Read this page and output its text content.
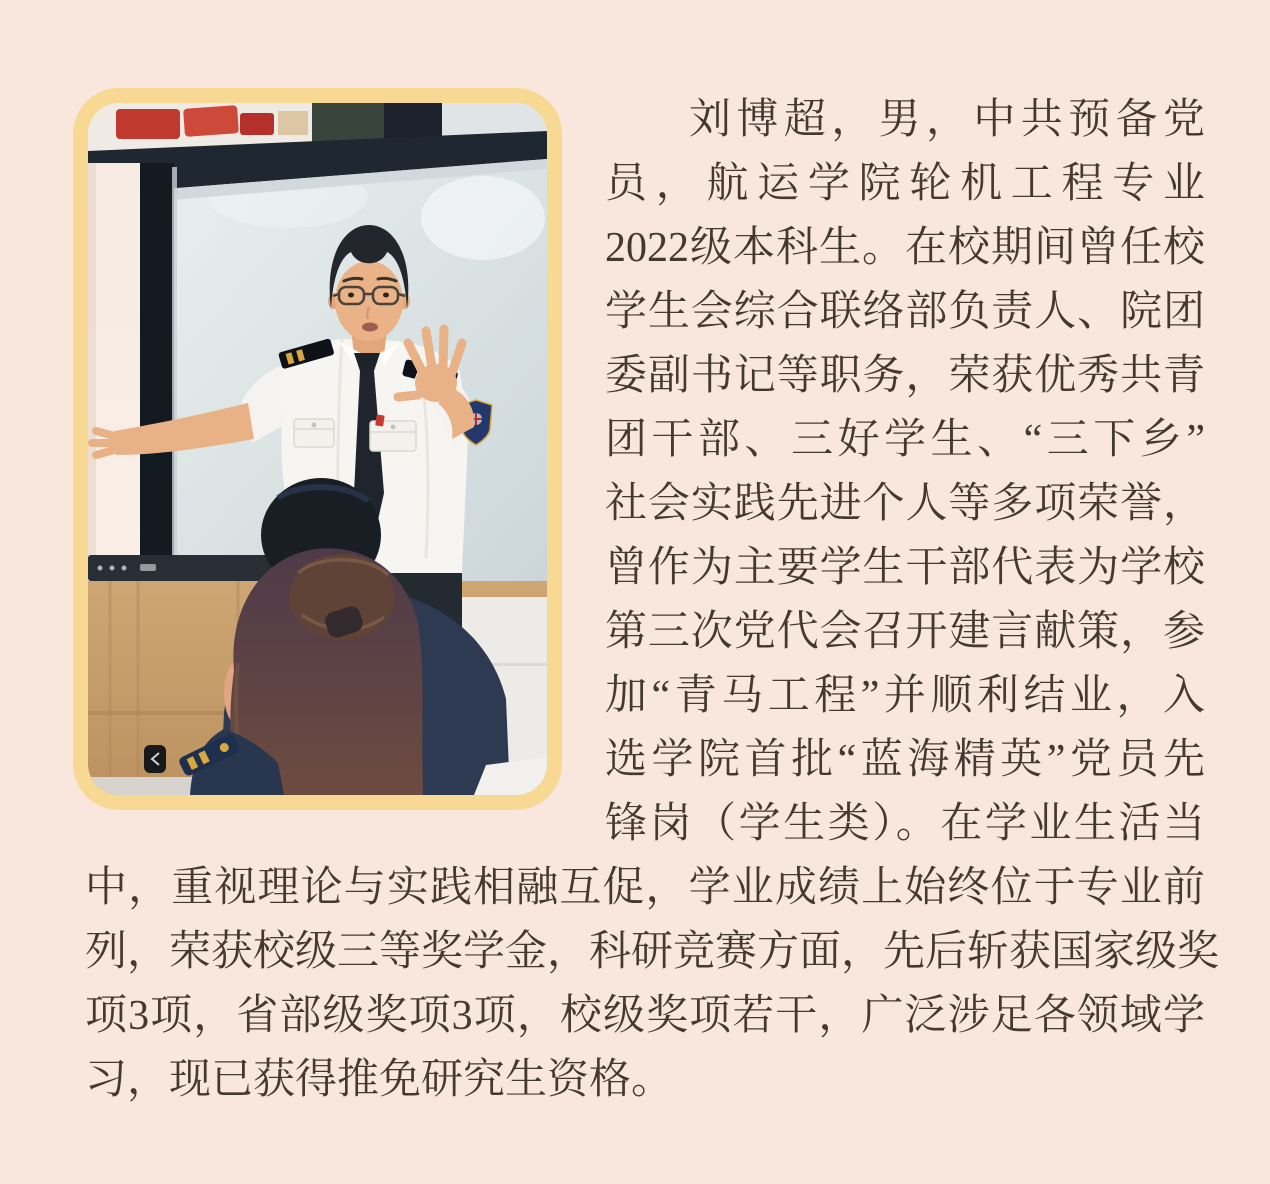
刘博超，男，中共预备党
员，航运学院轮机工程专业
2022级本科生。在校期间曾任校
学生会综合联络部负责人、院团
委副书记等职务，荣获优秀共青
团干部、三好学生、“三下乡”
社会实践先进个人等多项荣誉，
曾作为主要学生干部代表为学校
第三次党代会召开建言献策，参
加“青马工程”并顺利结业，入
选学院首批“蓝海精英”党员先
锋岗（学生类）。在学业生活当
中，重视理论与实践相融互促，学业成绩上始终位于专业前
列，荣获校级三等奖学金，科研竞赛方面，先后斩获国家级奖
项3项，省部级奖项3项，校级奖项若干，广泛涉足各领域学
习，现已获得推免研究生资格。
